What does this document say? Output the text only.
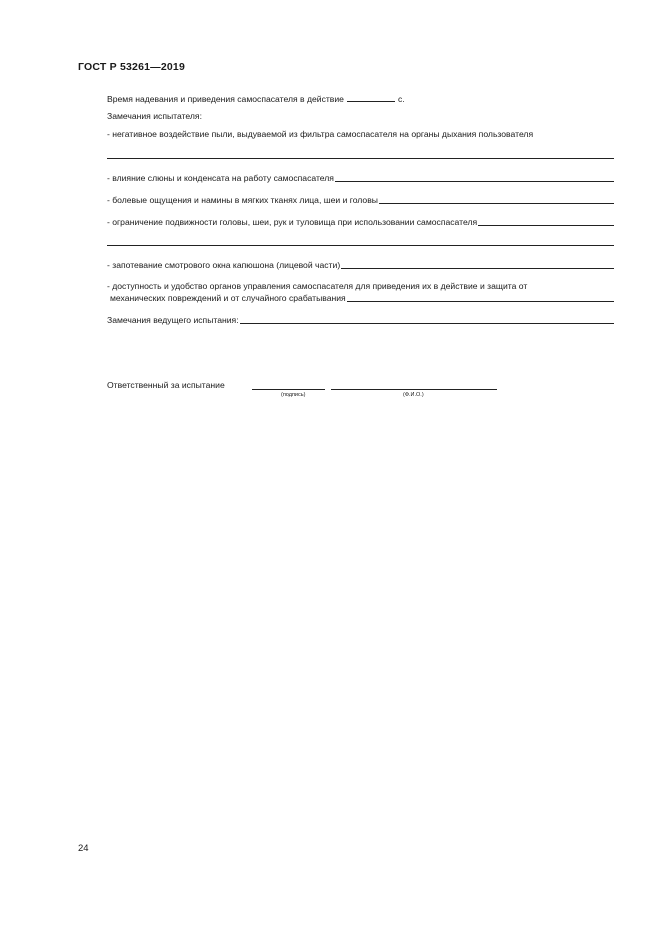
ГОСТ Р 53261—2019
Время надевания и приведения самоспасателя в действие	с.
Замечания испытателя:
- негативное воздействие пыли, выдуваемой из фильтра самоспасателя на органы дыхания пользователя
- влияние слюны и конденсата на работу самоспасателя
- болевые ощущения и намины в мягких тканях лица, шеи и головы
- ограничение подвижности головы, шеи, рук и туловища при использовании самоспасателя
- запотевание смотрового окна капюшона (лицевой части)
- доступность и удобство органов управления самоспасателя для приведения их в действие и защита от
механических повреждений и от случайного срабатывания
Замечания ведущего испытания:
Ответственный за испытание
(подпись)	(Ф.И.О.)
24
